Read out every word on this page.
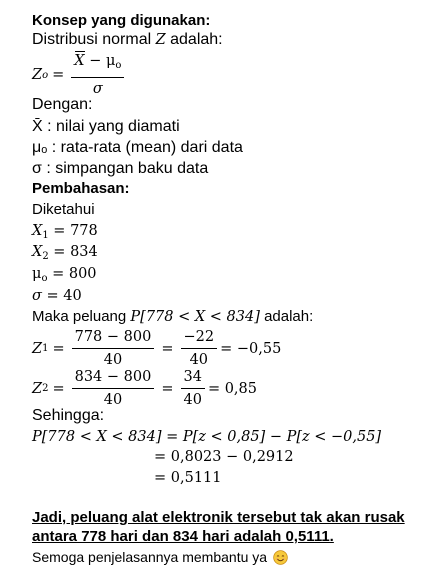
Konsep yang digunakan:
Distribusi normal Z adalah:
Z $o = \frac{X - \mu_o}{\sigma}$
Dengan:
X̄ : nilai yang diamati
μₒ : rata-rata (mean) dari data
σ : simpangan baku data
Pembahasan:
Diketahui
$X_1 = 778$
$X_2 = 834$
$\mu_o = 800$
σ = 40
Maka peluang P[778 < X < 834] adalah:
Z $1 = \frac{778 - 800}{40} = \frac{-22}{40} = -0,55$
Z $2 = \frac{834 - 800}{40} = \frac{34}{40} = 0,85$
Sehingga:
P[778 < X < 834] = P[z < 0,85] − P[z < −0,55]
= 0,8023 − 0,2912
= 0,5111
Jadi, peluang alat elektronik tersebut tak akan rusak
antara 778 hari dan 834 hari adalah 0,5111.
Semoga penjelasannya membantu ya
